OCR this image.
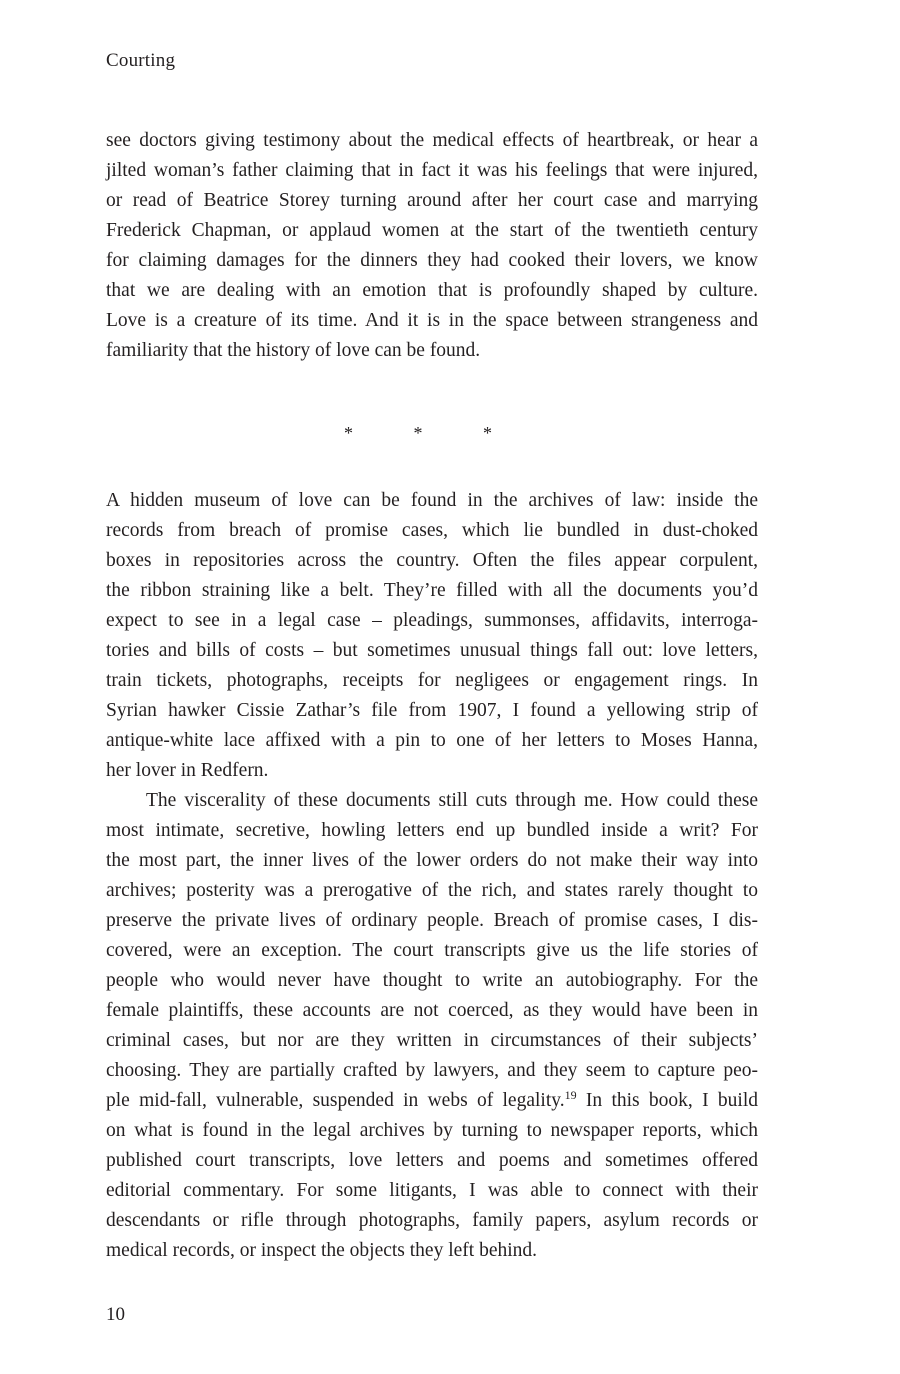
Courting
see doctors giving testimony about the medical effects of heartbreak, or hear a
jilted woman’s father claiming that in fact it was his feelings that were injured,
or read of Beatrice Storey turning around after her court case and marrying
Frederick Chapman, or applaud women at the start of the twentieth century
for claiming damages for the dinners they had cooked their lovers, we know
that we are dealing with an emotion that is profoundly shaped by culture.
Love is a creature of its time. And it is in the space between strangeness and
familiarity that the history of love can be found.
* * *
A hidden museum of love can be found in the archives of law: inside the
records from breach of promise cases, which lie bundled in dust-choked
boxes in repositories across the country. Often the files appear corpulent,
the ribbon straining like a belt. They’re filled with all the documents you’d
expect to see in a legal case – pleadings, summonses, affidavits, interroga-
tories and bills of costs – but sometimes unusual things fall out: love letters,
train tickets, photographs, receipts for negligees or engagement rings. In
Syrian hawker Cissie Zathar’s file from 1907, I found a yellowing strip of
antique-white lace affixed with a pin to one of her letters to Moses Hanna,
her lover in Redfern.
The viscerality of these documents still cuts through me. How could these
most intimate, secretive, howling letters end up bundled inside a writ? For
the most part, the inner lives of the lower orders do not make their way into
archives; posterity was a prerogative of the rich, and states rarely thought to
preserve the private lives of ordinary people. Breach of promise cases, I dis-
covered, were an exception. The court transcripts give us the life stories of
people who would never have thought to write an autobiography. For the
female plaintiffs, these accounts are not coerced, as they would have been in
criminal cases, but nor are they written in circumstances of their subjects’
choosing. They are partially crafted by lawyers, and they seem to capture peo-
ple mid-fall, vulnerable, suspended in webs of legality.$^{19}$ In this book, I build
on what is found in the legal archives by turning to newspaper reports, which
published court transcripts, love letters and poems and sometimes offered
editorial commentary. For some litigants, I was able to connect with their
descendants or rifle through photographs, family papers, asylum records or
medical records, or inspect the objects they left behind.
10
